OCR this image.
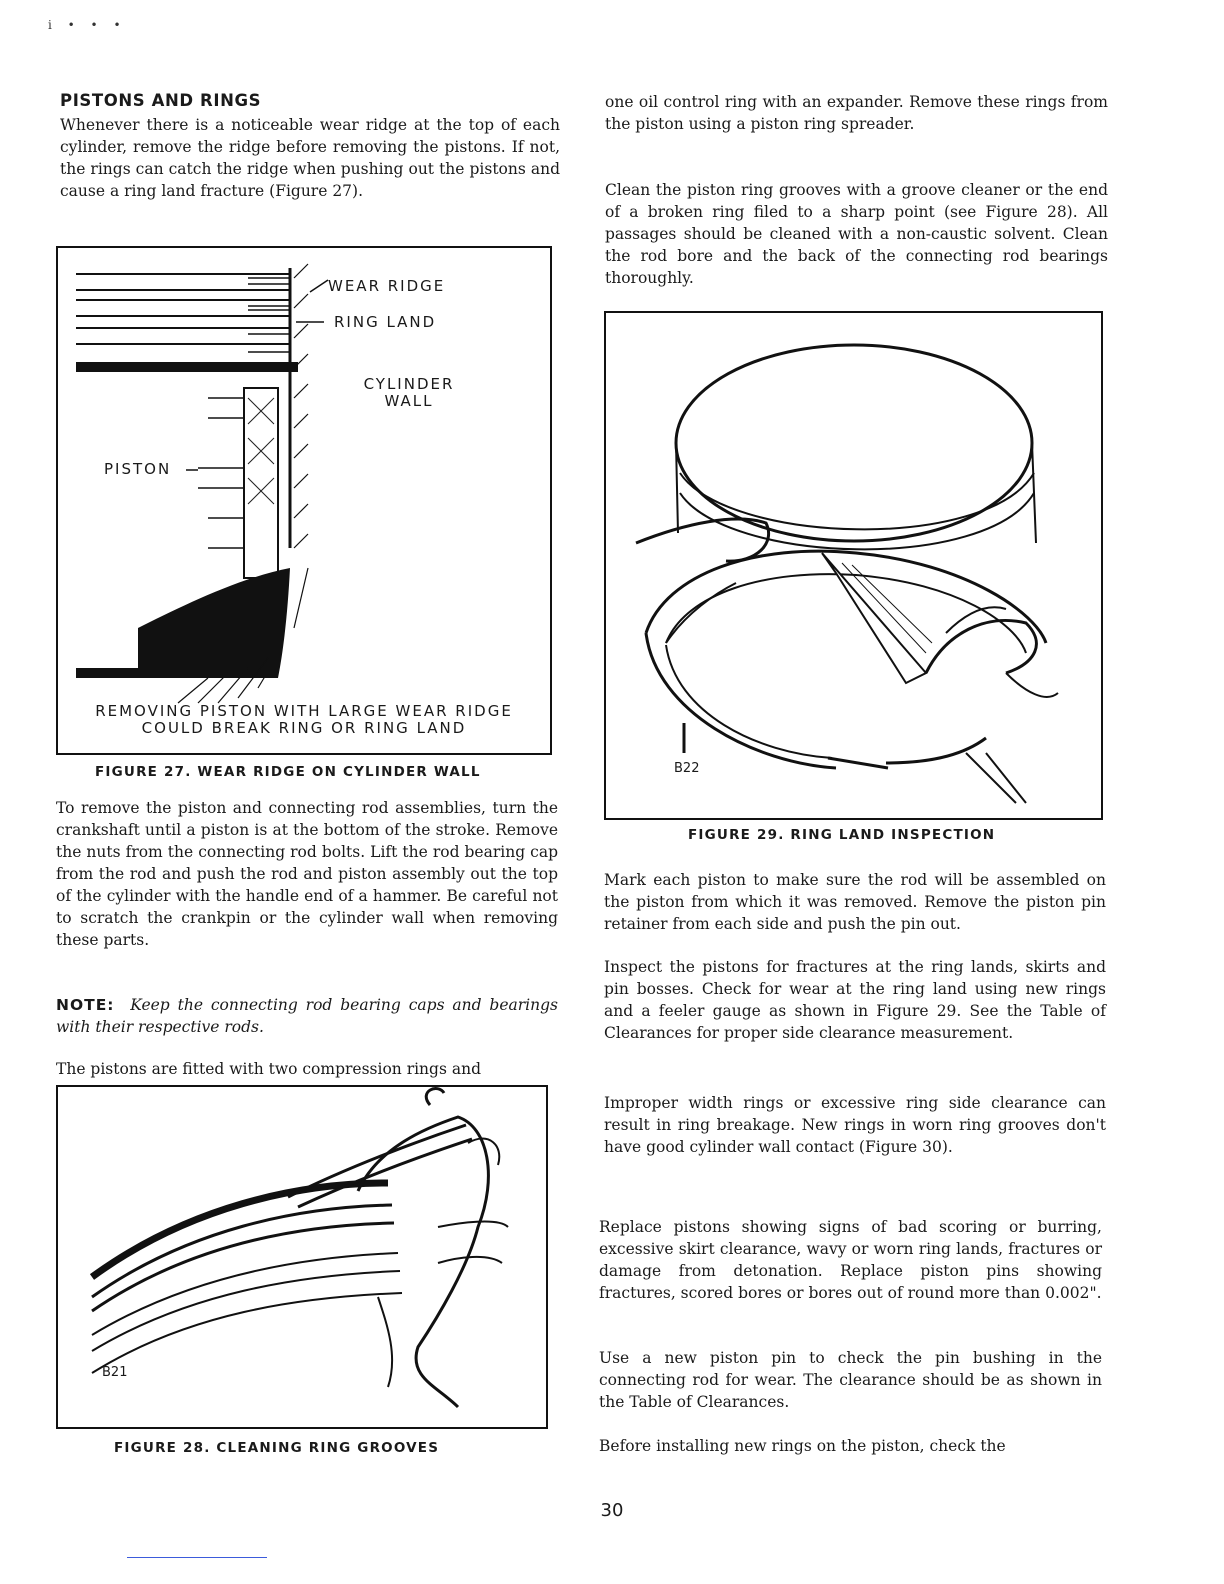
i • • •
PISTONS AND RINGS

Whenever there is a noticeable wear ridge at the top of each cylinder, remove the ridge before removing the pistons. If not, the rings can catch the ridge when pushing out the pistons and cause a ring land fracture (Figure 27).

WEAR RIDGE
RING LAND
CYLINDER WALL
PISTON
REMOVING PISTON WITH LARGE WEAR RIDGE COULD BREAK RING OR RING LAND
FIGURE 27. WEAR RIDGE ON CYLINDER WALL

To remove the piston and connecting rod assemblies, turn the crankshaft until a piston is at the bottom of the stroke. Remove the nuts from the connecting rod bolts. Lift the rod bearing cap from the rod and push the rod and piston assembly out the top of the cylinder with the handle end of a hammer. Be careful not to scratch the crankpin or the cylinder wall when removing these parts.

NOTE: Keep the connecting rod bearing caps and bearings with their respective rods.

The pistons are fitted with two compression rings and

B21
FIGURE 28. CLEANING RING GROOVES

one oil control ring with an expander. Remove these rings from the piston using a piston ring spreader.

Clean the piston ring grooves with a groove cleaner or the end of a broken ring filed to a sharp point (see Figure 28). All passages should be cleaned with a non-caustic solvent. Clean the rod bore and the back of the connecting rod bearings thoroughly.

B22
FIGURE 29. RING LAND INSPECTION

Mark each piston to make sure the rod will be assembled on the piston from which it was removed. Remove the piston pin retainer from each side and push the pin out.

Inspect the pistons for fractures at the ring lands, skirts and pin bosses. Check for wear at the ring land using new rings and a feeler gauge as shown in Figure 29. See the Table of Clearances for proper side clearance measurement.

Improper width rings or excessive ring side clearance can result in ring breakage. New rings in worn ring grooves don't have good cylinder wall contact (Figure 30).

Replace pistons showing signs of bad scoring or burring, excessive skirt clearance, wavy or worn ring lands, fractures or damage from detonation. Replace piston pins showing fractures, scored bores or bores out of round more than 0.002".

Use a new piston pin to check the pin bushing in the connecting rod for wear. The clearance should be as shown in the Table of Clearances.

Before installing new rings on the piston, check the

30
